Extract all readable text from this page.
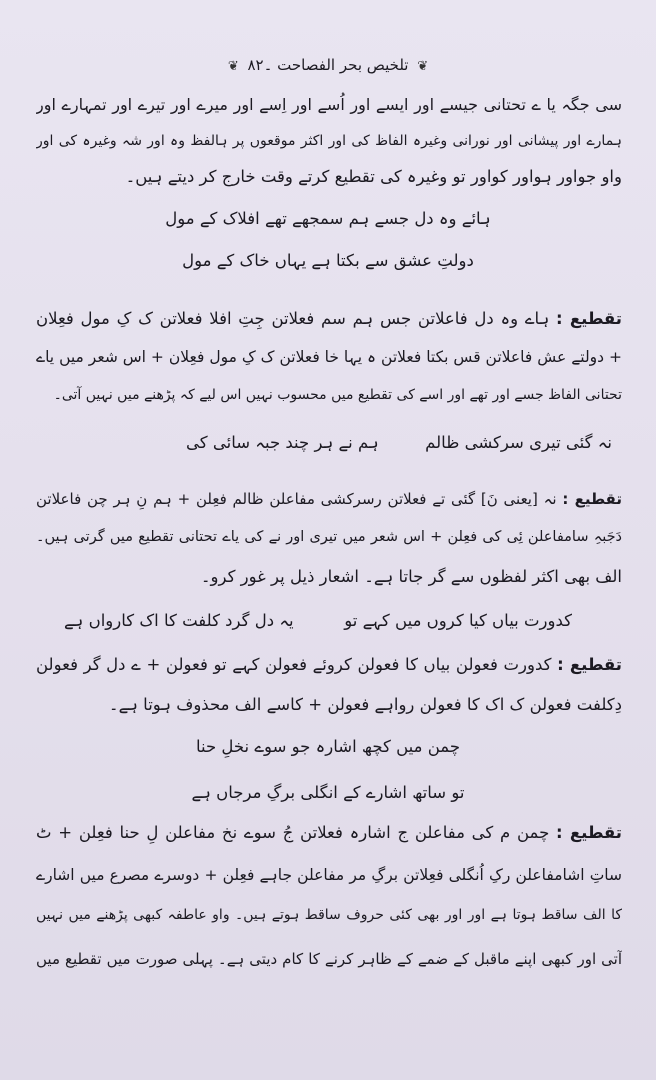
❦ تلخیص بحر الفصاحت ۔۸۲ ❦
سی جگہ یا ے تحتانی جیسے اور ایسے اور اُسے اور اِسے اور میرے اور تیرے اور تمہارے اور
ہمارے اور پیشانی اور نورانی وغیرہ الفاظ کی اور اکثر موقعوں پر ہالفظ وہ اور شہ وغیرہ کی اور
واو جواور ہواور کواور تو وغیرہ کی تقطیع کرتے وقت خارج کر دیتے ہیں۔
ہائے وہ دل جسے ہم سمجھے تھے افلاک کے مول
دولتِ عشق سے بکتا ہے یہاں خاک کے مول
تقطیع : ہاے وہ دل فاعلاتن جس ہم سم فعلاتن جِتِ افلا فعلاتن ک کِ مول فعِلان
+ دولتے عش فاعلاتن قس بکتا فعلاتن ہ یہا خا فعلاتن ک کِ مول فعِلان + اس شعر میں یاے
تحتانی الفاظ جسے اور تھے اور اسے کی تقطیع میں محسوب نہیں اس لیے کہ پڑھنے میں نہیں آتی۔
نہ گئی تیری سرکشی ظالم
ہم نے ہر چند جبہ سائی کی
تقطیع : نہ [یعنی نَ] گئی تے فعلاتن رسرکشی مفاعلن ظالم فعِلن + ہم نِ ہر چن فاعلاتن
دَجَبہِ سامفاعلن ئِی کی فعِلن + اس شعر میں تیری اور نے کی یاے تحتانی تقطیع میں گرتی ہیں۔
الف بھی اکثر لفظوں سے گر جاتا ہے۔ اشعار ذیل پر غور کرو۔
کدورت بیاں کیا کروں میں کہے تو
یہ دل گرد کلفت کا اک کارواں ہے
تقطیع : کدورت فعولن بیاں کا فعولن کروئے فعولن کہے تو فعولن + ے دل گر فعولن
دِکلفت فعولن ک اک کا فعولن رواہے فعولن + کاسے الف محذوف ہوتا ہے۔
چمن میں کچھ اشارہ جو سوے نخلِ حنا
تو ساتھ اشارے کے انگلی برگِ مرجاں ہے
تقطیع : چمن م کی مفاعلن ج اشارہ فعلاتن جُ سوے نخ مفاعلن لِ حنا فعِلن + ٹ
ساتِ اشامفاعلن رکِ اُنگلی فعِلاتن برگِ مر مفاعلن جاہے فعِلن + دوسرے مصرع میں اشارے
کا الف ساقط ہوتا ہے اور اور بھی کئی حروف ساقط ہوتے ہیں۔ واو عاطفہ کبھی پڑھنے میں نہیں
آتی اور کبھی اپنے ماقبل کے ضمے کے ظاہر کرنے کا کام دیتی ہے۔ پہلی صورت میں تقطیع میں
